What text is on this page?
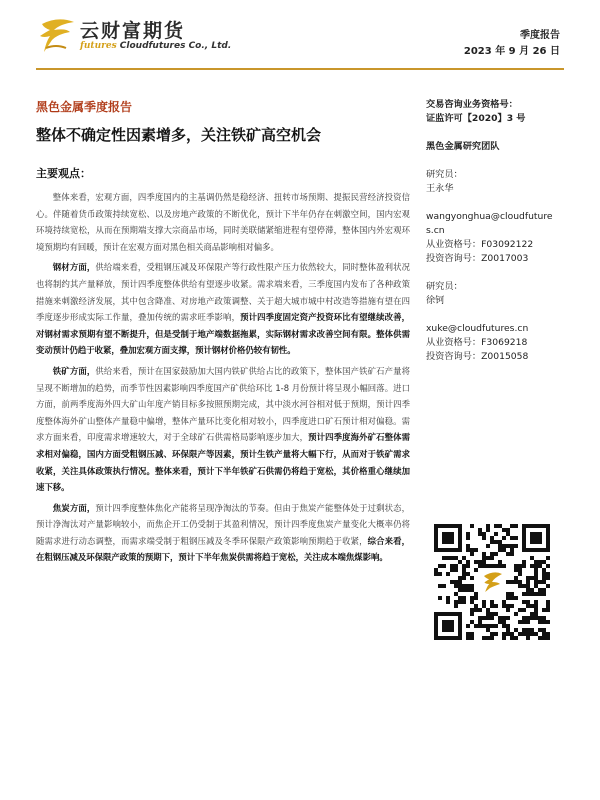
云财富期货
futures Cloudfutures Co., Ltd.
季度报告
2023 年 9 月 26 日
黑色金属季度报告
整体不确定性因素增多，关注铁矿高空机会
主要观点：

整体来看，宏观方面，四季度国内的主基调仍然是稳经济、扭转市场预期、提振民营经济投资信心。伴随着货币政策持续宽松、以及房地产政策的不断优化，预计下半年仍存在刺激空间，国内宏观环境持续宽松，从而在预期端支撑大宗商品市场，同时美联储紧缩进程有望停滞，整体国内外宏观环境预期均有回暖，预计在宏观方面对黑色相关商品影响相对偏多。

钢材方面，供给端来看，受粗钢压减及环保限产等行政性限产压力依然较大，同时整体盈利状况也将制约其产量释放，预计四季度整体供给有望逐步收紧。需求端来看，三季度国内发布了各种政策措施来刺激经济发展，其中包含降准、对房地产政策调整、关于超大城市城中村改造等措施有望在四季度逐步形成实际工作量，叠加传统的需求旺季影响，预计四季度固定资产投资环比有望继续改善，对钢材需求预期有望不断提升，但是受制于地产端数据拖累，实际钢材需求改善空间有限。整体供需变动预计仍趋于收紧，叠加宏观方面支撑，预计钢材价格仍较有韧性。

铁矿方面，供给来看，预计在国家鼓励加大国内铁矿供给占比的政策下，整体国产铁矿石产量将呈现不断增加的趋势，而季节性因素影响四季度国产矿供给环比 1-8 月份预计将呈现小幅回落。进口方面，前两季度海外四大矿山年度产销目标多按照预期完成，其中淡水河谷相对低于预期，预计四季度整体海外矿山整体产量稳中偏增，整体产量环比变化相对较小，四季度进口矿石预计相对偏稳。需求方面来看，印度需求增速较大，对于全球矿石供需格局影响逐步加大，预计四季度海外矿石整体需求相对偏稳，国内方面受粗钢压减、环保限产等因素，预计生铁产量将大幅下行，从而对于铁矿需求收紧，关注具体政策执行情况。整体来看，预计下半年铁矿石供需仍将趋于宽松，其价格重心继续加速下移。

焦炭方面，预计四季度整体焦化产能将呈现净淘汰的节奏。但由于焦炭产能整体处于过剩状态，预计净淘汰对产量影响较小，而焦企开工仍受制于其盈利情况，预计四季度焦炭产量变化大概率仍将随需求进行动态调整，而需求端受制于粗钢压减及冬季环保限产政策影响预期趋于收紧，综合来看，在粗钢压减及环保限产政策的预期下，预计下半年焦炭供需将趋于宽松，关注成本端焦煤影响。

交易咨询业务资格号：
证监许可【2020】3 号
黑色金属研究团队
研究员：
王永华
wangyonghua@cloudfuture
s.cn
从业资格号：F03092122
投资咨询号：Z0017003
研究员：
徐钶
xuke@cloudfutures.cn
从业资格号：F3069218
投资咨询号：Z0015058
